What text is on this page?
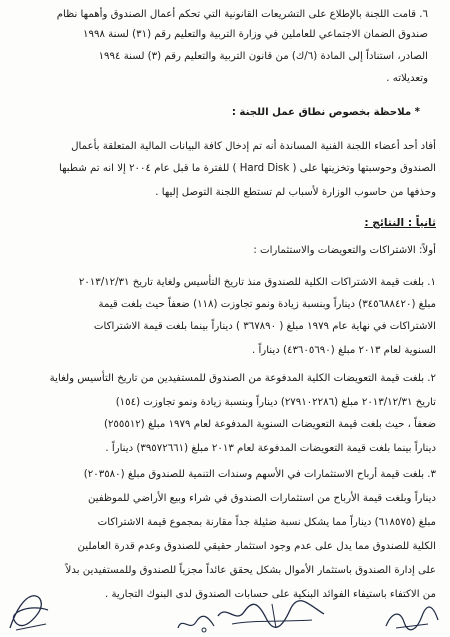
٦. قامت اللجنة بالإطلاع على التشريعات القانونية التي تحكم أعمال الصندوق وأهمها نظام

صندوق الضمان الاجتماعي للعاملين في وزارة التربية والتعليم رقم (٣١) لسنة ١٩٩٨

الصادر، استناداً إلى المادة (٦/ك) من قانون التربية والتعليم رقم (٣) لسنة ١٩٩٤

وتعديلاته .

* ملاحظة بخصوص نطاق عمل اللجنة :

أفاد أحد أعضاء اللجنة الفنية المساندة أنه تم إدخال كافة البيانات المالية المتعلقة بأعمال

الصندوق وحوسبتها وتخزينها على ( Hard Disk ) للفترة ما قبل عام ٢٠٠٤ إلا انه تم شطبها

وحذفها من حاسوب الوزارة لأسباب لم تستطع اللجنة التوصل إليها .

ثانياً : النتائج :

أولاً: الاشتراكات والتعويضات والاستثمارات :

١. بلغت قيمة الاشتراكات الكلية للصندوق منذ تاريخ التأسيس ولغاية تاريخ ٢٠١٣/١٢/٣١

مبلغ (٣٤٥٦٨٨٤٢٠) ديناراً وبنسبة زيادة ونمو تجاوزت (١١٨) ضعفاً حيث بلغت قيمة

الاشتراكات في نهاية عام ١٩٧٩ مبلغ ( ٣٦٧٨٩٠ ) ديناراً بينما بلغت قيمة الاشتراكات

السنوية لعام ٢٠١٣ مبلغ (٤٣٦٠٥٦٩٠) ديناراً .

٢. بلغت قيمة التعويضات الكلية المدفوعة من الصندوق للمستفيدين من تاريخ التأسيس ولغاية

تاريخ ٢٠١٣/١٢/٣١ مبلغ (٢٧٩١٠٢٢٨٦) ديناراً وبنسبة زيادة ونمو تجاوزت (١٥٤)

ضعفاً ، حيث بلغت قيمة التعويضات السنوية المدفوعة لعام ١٩٧٩ مبلغ (٢٥٥٥١٢)

ديناراً بينما بلغت قيمة التعويضات المدفوعة لعام ٢٠١٣ مبلغ (٣٩٥٧٢٦٦١) ديناراً .

٣. بلغت قيمة أرباح الاستثمارات في الأسهم وسندات التنمية للصندوق مبلغ (٢٠٣٥٨٠)

ديناراً وبلغت قيمة الأرباح من استثمارات الصندوق في شراء وبيع الأراضي للموظفين

مبلغ (٦١٨٥٧٥) ديناراً مما يشكل نسبة ضئيلة جداً مقارنة بمجموع قيمة الاشتراكات

الكلية للصندوق مما يدل على عدم وجود استثمار حقيقي للصندوق وعدم قدرة العاملين

على إدارة الصندوق باستثمار الأموال بشكل يحقق عائداً مجزياً للصندوق وللمستفيدين بدلاً

من الاكتفاء باستيفاء الفوائد البنكية على حسابات الصندوق لدى البنوك التجارية .
